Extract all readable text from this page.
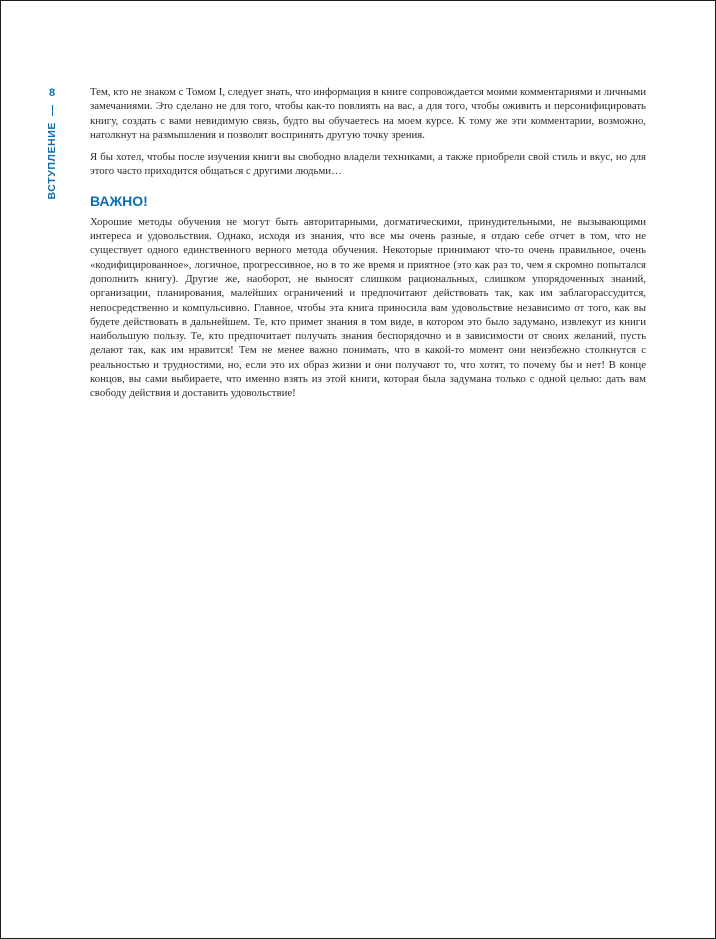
8
ВСТУПЛЕНИЕ

Тем, кто не знаком с Томом I, следует знать, что информация в книге сопровождается моими комментариями и личными замечаниями. Это сделано не для того, чтобы как-то повлиять на вас, а для того, чтобы оживить и персонифицировать книгу, создать с вами невидимую связь, будто вы обучаетесь на моем курсе. К тому же эти комментарии, возможно, натолкнут на размышления и позволят воспринять другую точку зрения.

Я бы хотел, чтобы после изучения книги вы свободно владели техниками, а также приобрели свой стиль и вкус, но для этого часто приходится общаться с другими людьми…

ВАЖНО!

Хорошие методы обучения не могут быть авторитарными, догматическими, принудительными, не вызывающими интереса и удовольствия. Однако, исходя из знания, что все мы очень разные, я отдаю себе отчет в том, что не существует одного единственного верного метода обучения. Некоторые принимают что-то очень правильное, очень «кодифицированное», логичное, прогрессивное, но в то же время и приятное (это как раз то, чем я скромно попытался дополнить книгу). Другие же, наоборот, не выносят слишком рациональных, слишком упорядоченных знаний, организации, планирования, малейших ограничений и предпочитают действовать так, как им заблагорассудится, непосредственно и компульсивно. Главное, чтобы эта книга приносила вам удовольствие независимо от того, как вы будете действовать в дальнейшем. Те, кто примет знания в том виде, в котором это было задумано, извлекут из книги наибольшую пользу. Те, кто предпочитает получать знания беспорядочно и в зависимости от своих желаний, пусть делают так, как им нравится! Тем не менее важно понимать, что в какой-то момент они неизбежно столкнутся с реальностью и трудностями, но, если это их образ жизни и они получают то, что хотят, то почему бы и нет! В конце концов, вы сами выбираете, что именно взять из этой книги, которая была задумана только с одной целью: дать вам свободу действия и доставить удовольствие!
